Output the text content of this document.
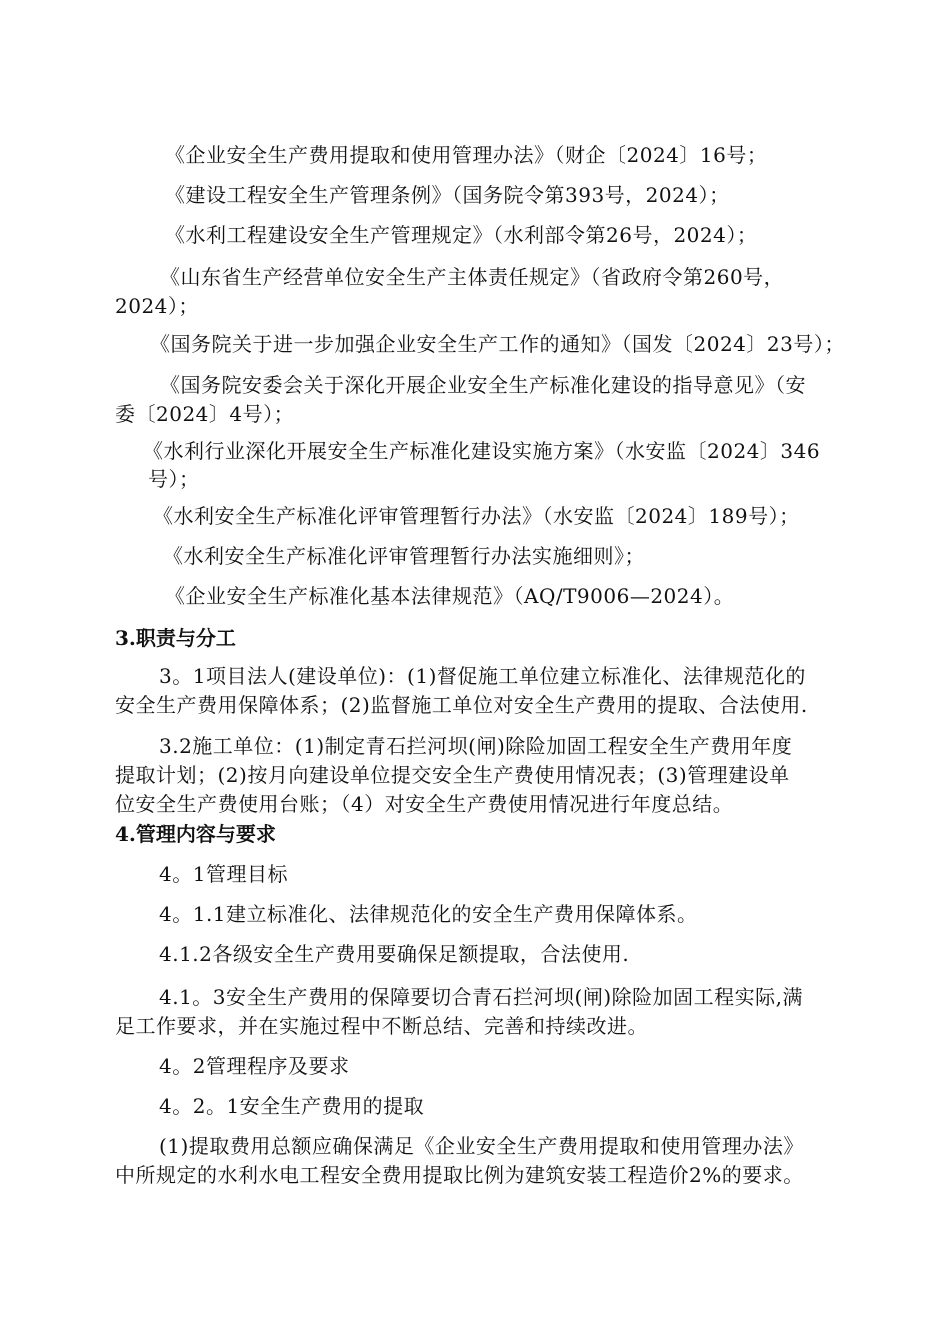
《企业安全生产费用提取和使用管理办法》（财企〔2024〕16号；
《建设工程安全生产管理条例》（国务院令第393号，2024）；
《水利工程建设安全生产管理规定》（水利部令第26号，2024）；
《山东省生产经营单位安全生产主体责任规定》（省政府令第260号，
2024）；
《国务院关于进一步加强企业安全生产工作的通知》（国发〔2024〕23号）；
《国务院安委会关于深化开展企业安全生产标准化建设的指导意见》（安
委〔2024〕4号）；
《水利行业深化开展安全生产标准化建设实施方案》（水安监〔2024〕346
号）；
《水利安全生产标准化评审管理暂行办法》（水安监〔2024〕189号）；
《水利安全生产标准化评审管理暂行办法实施细则》；
《企业安全生产标准化基本法律规范》（AQ/T9006—2024）。
3.职责与分工
3。1项目法人(建设单位)：(1)督促施工单位建立标准化、法律规范化的
安全生产费用保障体系；(2)监督施工单位对安全生产费用的提取、合法使用.
3.2施工单位：(1)制定青石拦河坝(闸)除险加固工程安全生产费用年度
提取计划；(2)按月向建设单位提交安全生产费使用情况表；(3)管理建设单
位安全生产费使用台账；（4）对安全生产费使用情况进行年度总结。
4.管理内容与要求
4。1管理目标
4。1.1建立标准化、法律规范化的安全生产费用保障体系。
4.1.2各级安全生产费用要确保足额提取，合法使用.
4.1。3安全生产费用的保障要切合青石拦河坝(闸)除险加固工程实际,满
足工作要求，并在实施过程中不断总结、完善和持续改进。
4。2管理程序及要求
4。2。1安全生产费用的提取
(1)提取费用总额应确保满足《企业安全生产费用提取和使用管理办法》
中所规定的水利水电工程安全费用提取比例为建筑安装工程造价2%的要求。
